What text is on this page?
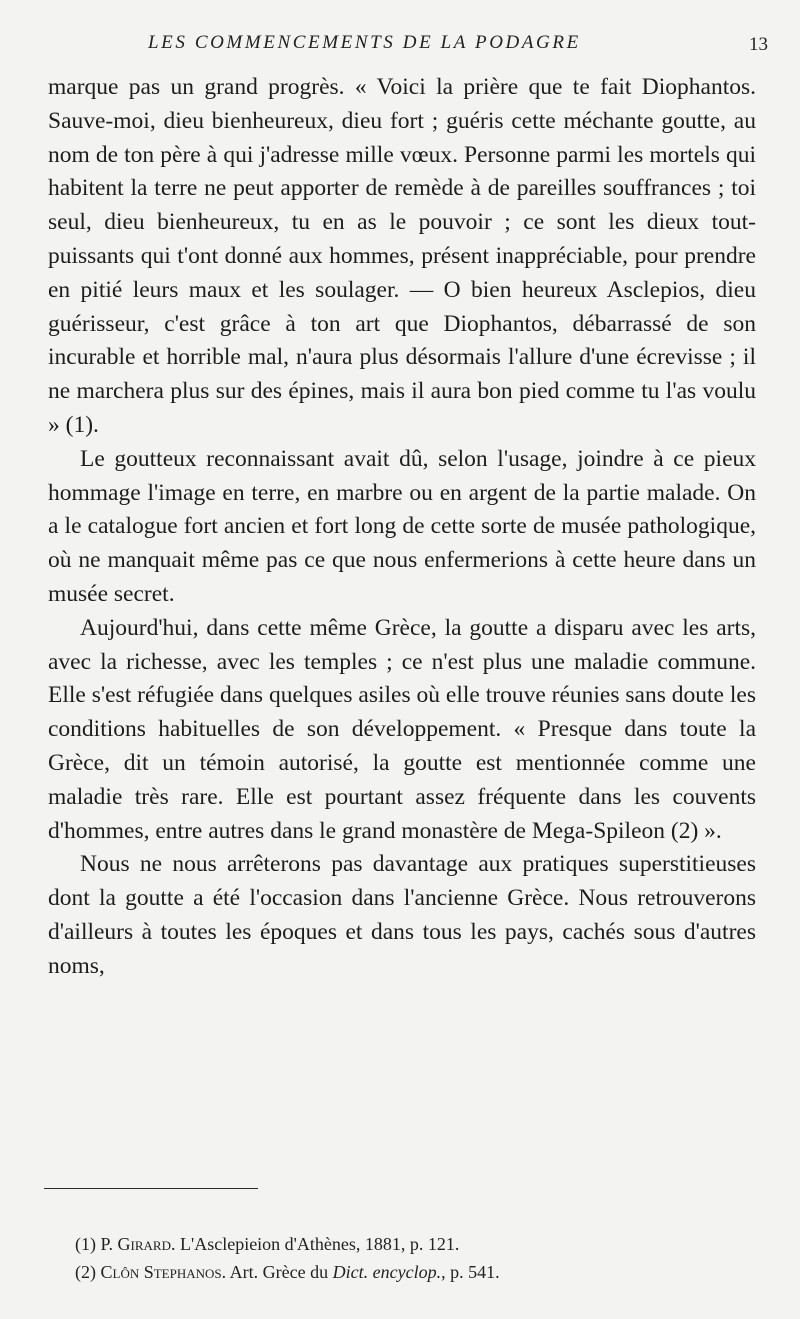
LES COMMENCEMENTS DE LA PODAGRE	13

marque pas un grand progrès. « Voici la prière que te fait Diophantos. Sauve-moi, dieu bienheureux, dieu fort ; guéris cette méchante goutte, au nom de ton père à qui j'adresse mille vœux. Personne parmi les mortels qui habitent la terre ne peut apporter de remède à de pareilles souffrances ; toi seul, dieu bienheureux, tu en as le pouvoir ; ce sont les dieux tout-puissants qui t'ont donné aux hommes, présent inappréciable, pour prendre en pitié leurs maux et les soulager. — O bien heureux Asclepios, dieu guérisseur, c'est grâce à ton art que Diophantos, débarrassé de son incurable et horrible mal, n'aura plus désormais l'allure d'une écrevisse ; il ne marchera plus sur des épines, mais il aura bon pied comme tu l'as voulu » (1).

Le goutteux reconnaissant avait dû, selon l'usage, joindre à ce pieux hommage l'image en terre, en marbre ou en argent de la partie malade. On a le catalogue fort ancien et fort long de cette sorte de musée pathologique, où ne manquait même pas ce que nous enfermerions à cette heure dans un musée secret.

Aujourd'hui, dans cette même Grèce, la goutte a disparu avec les arts, avec la richesse, avec les temples ; ce n'est plus une maladie commune. Elle s'est réfugiée dans quelques asiles où elle trouve réunies sans doute les conditions habituelles de son développement. « Presque dans toute la Grèce, dit un témoin autorisé, la goutte est mentionnée comme une maladie très rare. Elle est pourtant assez fréquente dans les couvents d'hommes, entre autres dans le grand monastère de Mega-Spileon (2) ».

Nous ne nous arrêterons pas davantage aux pratiques superstitieuses dont la goutte a été l'occasion dans l'ancienne Grèce. Nous retrouverons d'ailleurs à toutes les époques et dans tous les pays, cachés sous d'autres noms,

(1) P. Girard. L'Asclepieion d'Athènes, 1881, p. 121.
(2) Clôn Stephanos. Art. Grèce du Dict. encyclop., p. 541.
